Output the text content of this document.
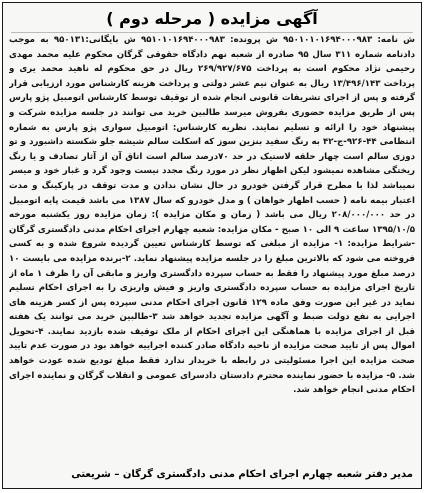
آگهی مزایده ( مرحله دوم )
ش نامه: ۹۵۰۱۰۱۰۱۶۹۴۰۰۰۹۸۳ ش پرونده: ۹۵۱۰۱۰۱۶۹۴۰۰۰۹۸۳ ش بایگانی:۹۵۰۱۳۱ به موجب دادنامه شماره ۳۱۱ سال ۹۵ صادره از شعبه نهم دادگاه حقوقی گرگان محکوم علیه محمد مهدی رحیمی نژاد محکوم است به پرداخت ۲۶۹/۹۲۷/۶۷۵ ریال در حق محکوم له ناهید محمد یری و پرداخت ۱۳/۴۹۶/۱۴۳ ریال به عنوان نیم عشر دولتی و پرداخت هزینه کارشناس مورد ارزیابی قرار گرفته و پس از اجرای تشریفات قانونی انجام شده از توقیف توسط کارشناس اتومبیل پژو پارس پس از طریق مزایده حضوری بفروش میرسد طالبین خرید می توانند در جلسه مزایده شرکت و پیشنهاد خود را ارائه و تسلیم نمایند. نظریه کارشناس: اتومبیل سواری پژو پارس به شماره انتظامی ۴۴-۹۲۶-ج-۴۲ به رنگ سفید بنزین سوز که اسکلت سالم شیشه جلو شکسته داشبورد و تو دوزی سالم است چهار حلقه لاستیک در حد ۷۰درصد سالم است اتاق آن از آثار تصادف و یا رنگ ریختگی مشاهده نمیشود لیکن اظهار نظر در مورد رنگ مجدد نیست وجود گرد و غبار خود و میسر نمیباشد لذا با مطرح قرار گرفتن خودرو در حال نشان ندادن و مدت توقف در پارکینگ و مدت اعتبار بیمه نامه ( حسب اظهار خواهان ) و مدل خودرو که سال ۱۳۸۷ می باشد قیمت پایه اتومبیل در حد ۲۰۸/۰۰۰/۰۰۰ ریال می باشد ( زمان و مکان مزایده ): زمان مزایده روز یکشنبه مورخه ۱۳۹۵/۱۰/۵ ساعت ۹ الی ۱۰ صبح - مکان مزایده: شعبه چهارم اجرای احکام مدنی دادگستری گرگان -شرایط مزایده: ۱- مزایده از مبلغی که توسط کارشناس تعیین گردیده شروع شده و به کسی فروخته می شود که بالاترین مبلغ را در جلسه مزایده پیشنهاد نماید. ۲-برنده مزایده می بایست ۱۰ درصد مبلغ مورد پیشنهاد را فقط به حساب سپرده دادگستری واریز و مابقی آن را ظرف ۱ ماه از تاریخ اجرای مزایده به حساب سپرده دادگستری واریز و فیش واریزی را به اجرای احکام تسلیم نماید در غیر این صورت وفق ماده ۱۲۹ قانون اجرای احکام مدنی سپرده پس از کسر هزینه های اجرایی به نفع دولت ضبط و آگهی مزایده تجدید خواهد شد ۳-طالبین خرید می توانند یک هفته قبل از اجرای مزایده با هماهنگی این اجرای احکام از ملک توقیف شده بازدید نمایند. ۴-تحویل اموال پس از تایید صحت مزایده از ناحیه دادگاه صادر کننده اجراییه خواهد بود در صورت عدم تایید صحت مزایده این اجرا مسئولیتی در رابطه با خریدار ندارد فقط مبلغ تودیع شده عودت خواهد شد. ۵- مزایده با حضور نماینده محترم دادستان دادسرای عمومی و انقلاب گرگان و نماینده اجرای احکام مدنی انجام خواهد شد.
مدیر دفتر شعبه چهارم اجرای احکام مدنی دادگستری گرگان – شریعتی
